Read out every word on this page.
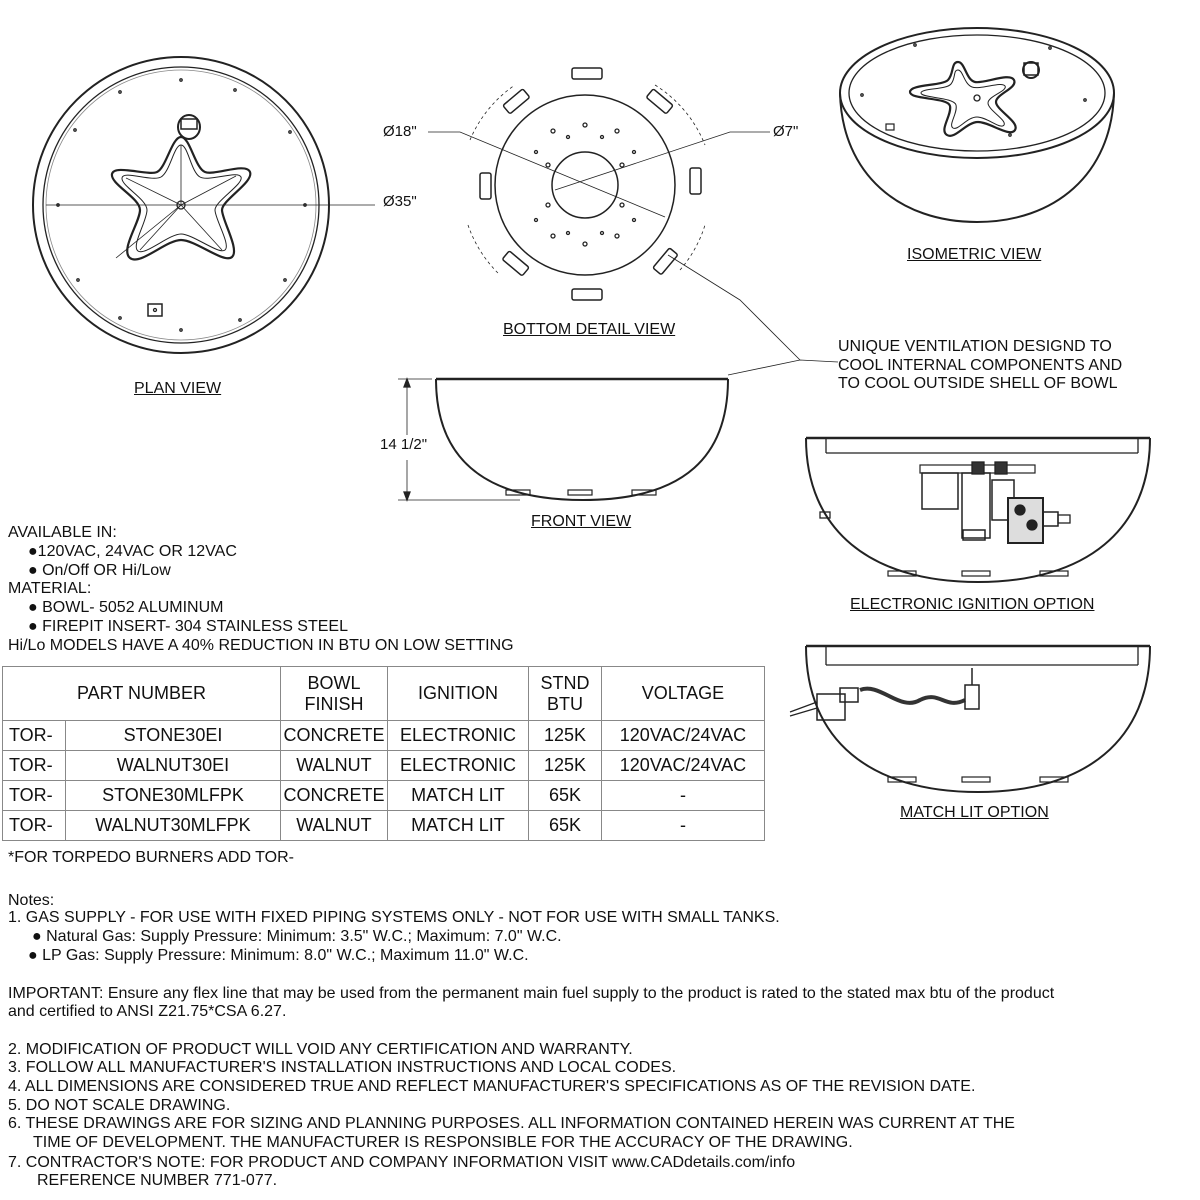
PLAN VIEW
BOTTOM DETAIL VIEW
ISOMETRIC VIEW
FRONT VIEW
ELECTRONIC IGNITION OPTION
MATCH LIT OPTION
Ø35"
Ø18"	Ø7"
14 1/2"
UNIQUE VENTILATION DESIGND TO
COOL INTERNAL COMPONENTS AND
TO COOL OUTSIDE SHELL OF BOWL
AVAILABLE IN:
●120VAC, 24VAC OR 12VAC
● On/Off OR Hi/Low
MATERIAL:
● BOWL- 5052 ALUMINUM
● FIREPIT INSERT- 304 STAINLESS STEEL
Hi/Lo MODELS HAVE A 40% REDUCTION IN BTU ON LOW SETTING
PART NUMBER		BOWL FINISH	IGNITION	STND BTU	VOLTAGE
TOR-	STONE30EI	CONCRETE	ELECTRONIC	125K	120VAC/24VAC
TOR-	WALNUT30EI	WALNUT	ELECTRONIC	125K	120VAC/24VAC
TOR-	STONE30MLFPK	CONCRETE	MATCH LIT	65K	-
TOR-	WALNUT30MLFPK	WALNUT	MATCH LIT	65K	-
*FOR TORPEDO BURNERS ADD TOR-
Notes:
1. GAS SUPPLY - FOR USE WITH FIXED PIPING SYSTEMS ONLY - NOT FOR USE WITH SMALL TANKS.
● Natural Gas: Supply Pressure: Minimum: 3.5" W.C.; Maximum: 7.0" W.C.
● LP Gas: Supply Pressure: Minimum: 8.0" W.C.; Maximum 11.0" W.C.
IMPORTANT: Ensure any flex line that may be used from the permanent main fuel supply to the product is rated to the stated max btu of the product
and certified to ANSI Z21.75*CSA 6.27.
2. MODIFICATION OF PRODUCT WILL VOID ANY CERTIFICATION AND WARRANTY.
3. FOLLOW ALL MANUFACTURER'S INSTALLATION INSTRUCTIONS AND LOCAL CODES.
4. ALL DIMENSIONS ARE CONSIDERED TRUE AND REFLECT MANUFACTURER'S SPECIFICATIONS AS OF THE REVISION DATE.
5. DO NOT SCALE DRAWING.
6. THESE DRAWINGS ARE FOR SIZING AND PLANNING PURPOSES. ALL INFORMATION CONTAINED HEREIN WAS CURRENT AT THE
TIME OF DEVELOPMENT. THE MANUFACTURER IS RESPONSIBLE FOR THE ACCURACY OF THE DRAWING.
7. CONTRACTOR'S NOTE: FOR PRODUCT AND COMPANY INFORMATION VISIT www.CADdetails.com/info
REFERENCE NUMBER 771-077.
